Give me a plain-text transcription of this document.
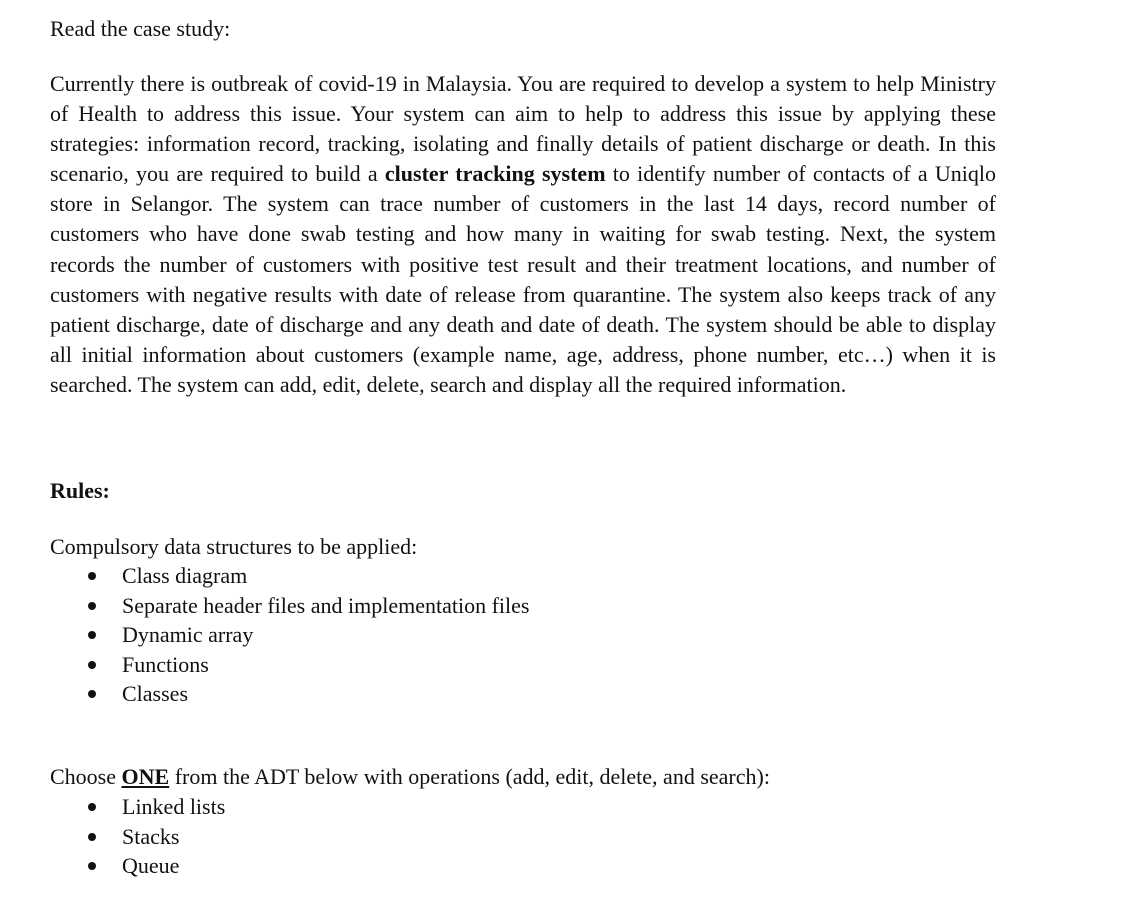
Read the case study:
Currently there is outbreak of covid-19 in Malaysia. You are required to develop a system to help Ministry of Health to address this issue. Your system can aim to help to address this issue by applying these strategies: information record, tracking, isolating and finally details of patient discharge or death. In this scenario, you are required to build a cluster tracking system to identify number of contacts of a Uniqlo store in Selangor. The system can trace number of customers in the last 14 days, record number of customers who have done swab testing and how many in waiting for swab testing. Next, the system records the number of customers with positive test result and their treatment locations, and number of customers with negative results with date of release from quarantine. The system also keeps track of any patient discharge, date of discharge and any death and date of death. The system should be able to display all initial information about customers (example name, age, address, phone number, etc…) when it is searched. The system can add, edit, delete, search and display all the required information.
Rules:
Compulsory data structures to be applied:
Class diagram
Separate header files and implementation files
Dynamic array
Functions
Classes
Choose ONE from the ADT below with operations (add, edit, delete, and search):
Linked lists
Stacks
Queue
